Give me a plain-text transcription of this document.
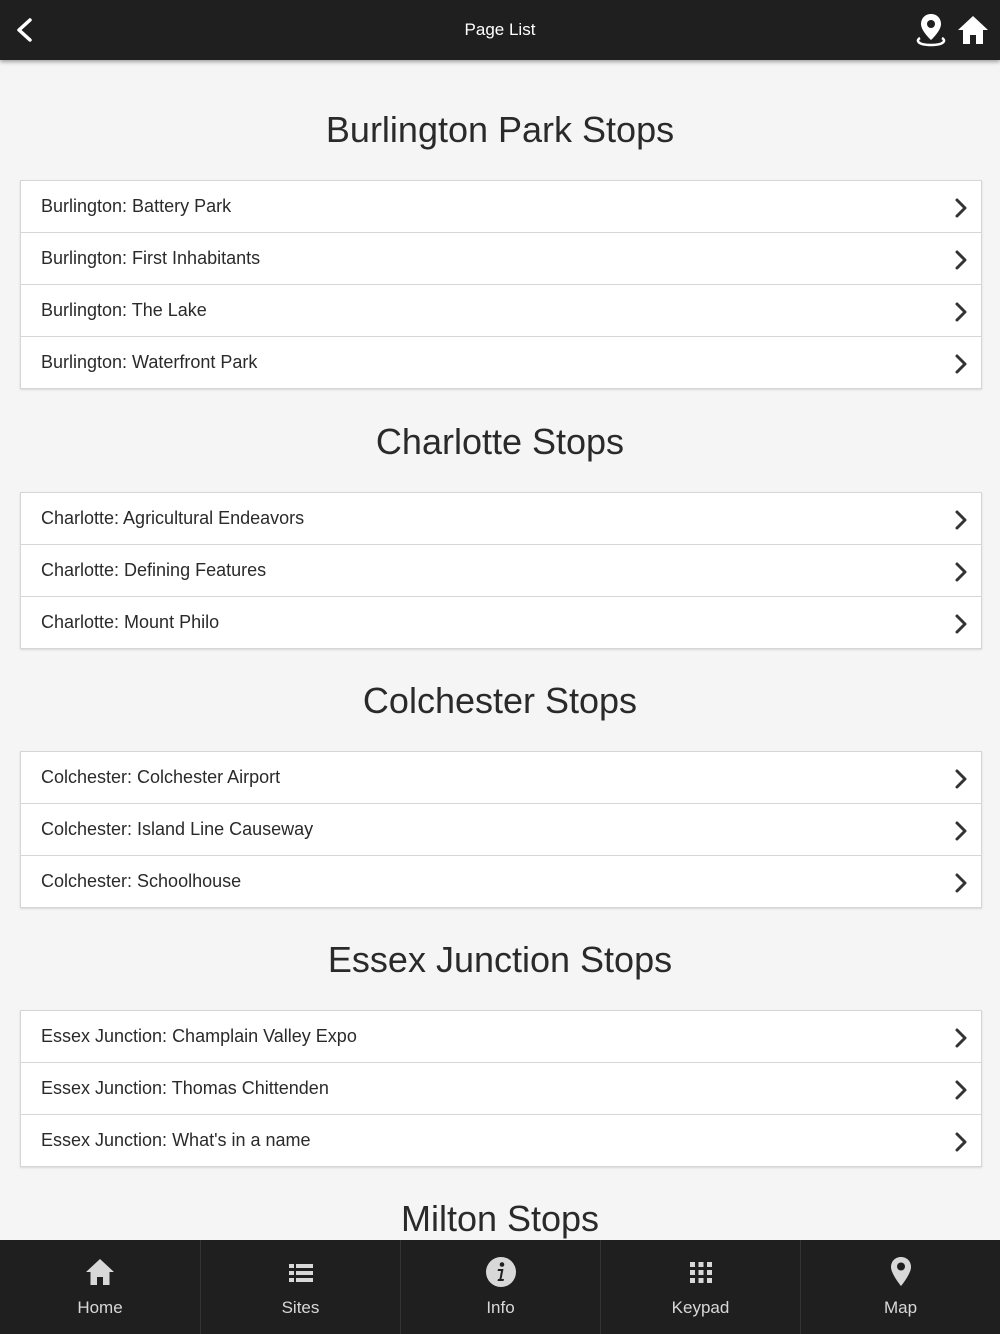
Page List
Burlington Park Stops
Burlington: Battery Park
Burlington: First Inhabitants
Burlington: The Lake
Burlington: Waterfront Park
Charlotte Stops
Charlotte: Agricultural Endeavors
Charlotte: Defining Features
Charlotte: Mount Philo
Colchester Stops
Colchester: Colchester Airport
Colchester: Island Line Causeway
Colchester: Schoolhouse
Essex Junction Stops
Essex Junction: Champlain Valley Expo
Essex Junction: Thomas Chittenden
Essex Junction: What's in a name
Milton Stops
Home	Sites	Info	Keypad	Map
